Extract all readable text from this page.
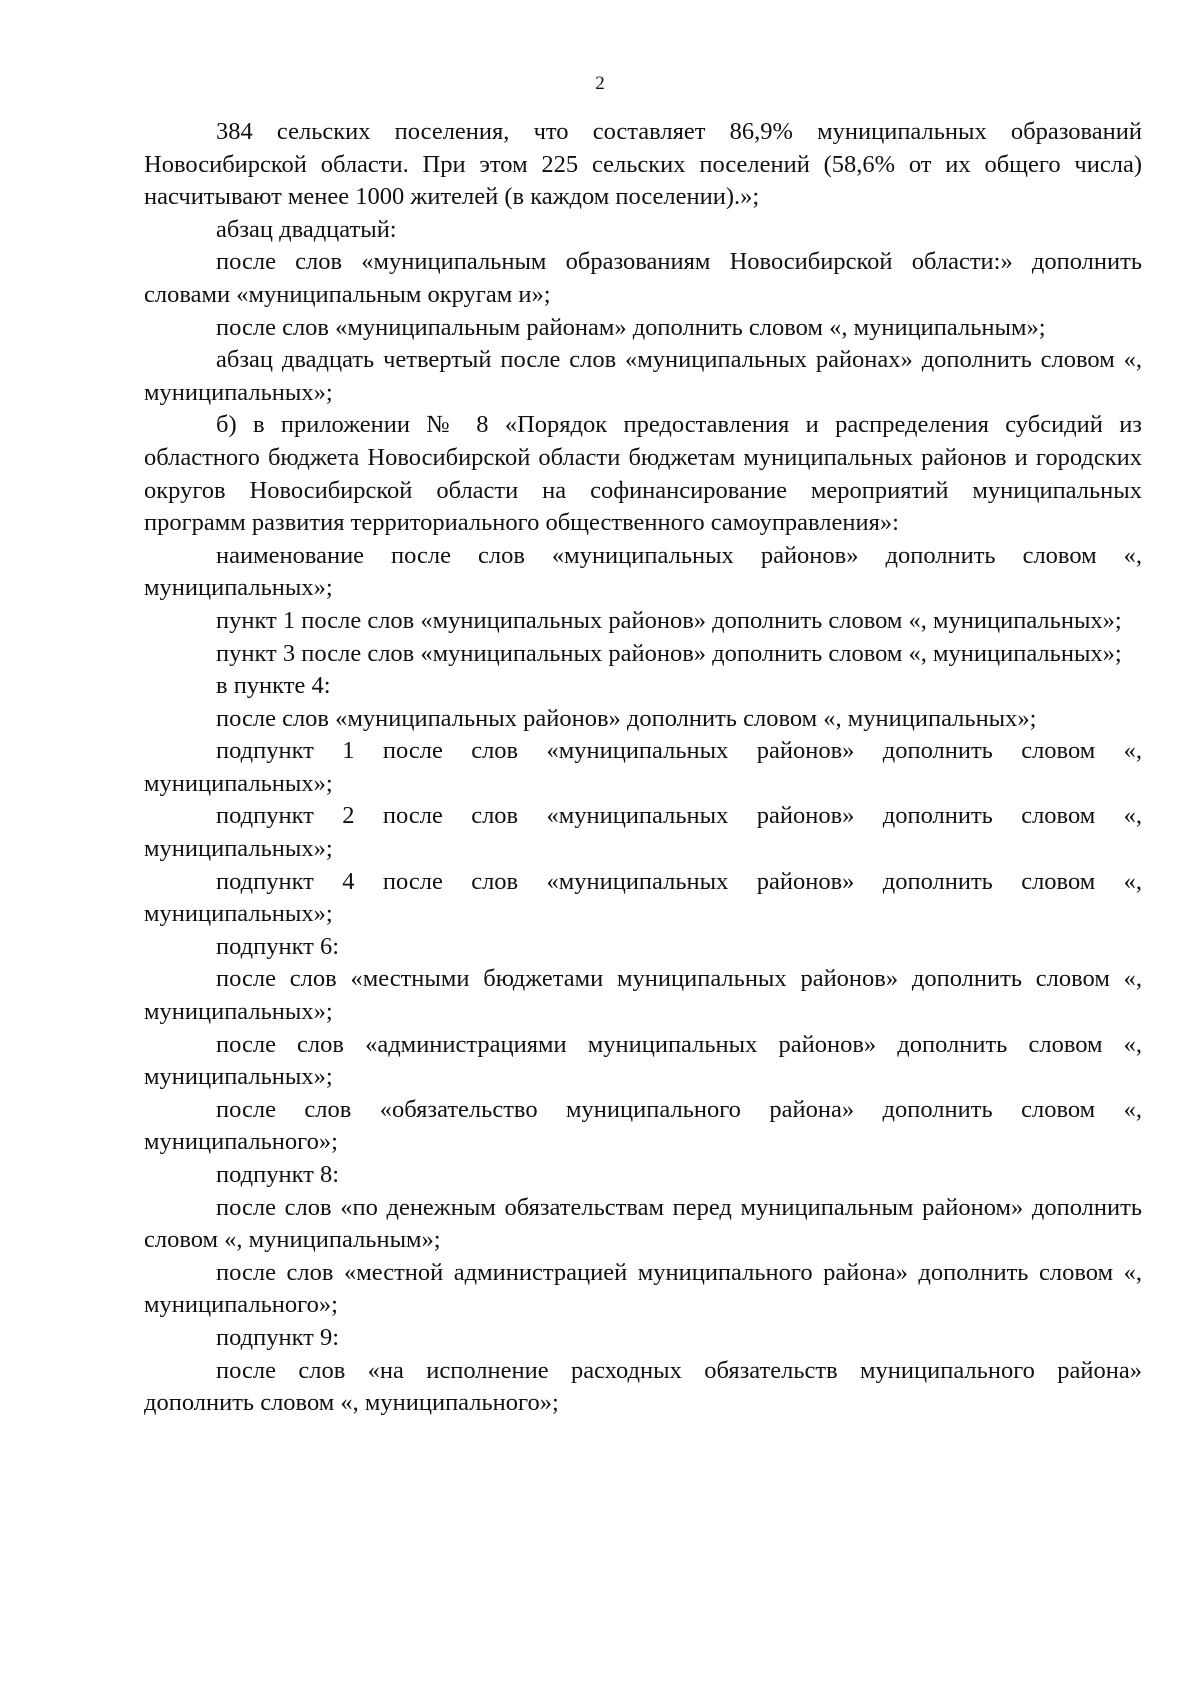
2

384 сельских поселения, что составляет 86,9% муниципальных образований Новосибирской области. При этом 225 сельских поселений (58,6% от их общего числа) насчитывают менее 1000 жителей (в каждом поселении).»;

абзац двадцатый:

после слов «муниципальным образованиям Новосибирской области:» дополнить словами «муниципальным округам и»;

после слов «муниципальным районам» дополнить словом «, муниципальным»;

абзац двадцать четвертый после слов «муниципальных районах» дополнить словом «, муниципальных»;

б) в приложении № 8 «Порядок предоставления и распределения субсидий из областного бюджета Новосибирской области бюджетам муниципальных районов и городских округов Новосибирской области на софинансирование мероприятий муниципальных программ развития территориального общественного самоуправления»:

наименование после слов «муниципальных районов» дополнить словом «, муниципальных»;

пункт 1 после слов «муниципальных районов» дополнить словом «, муниципальных»;

пункт 3 после слов «муниципальных районов» дополнить словом «, муниципальных»;

в пункте 4:

после слов «муниципальных районов» дополнить словом «, муниципальных»;

подпункт 1 после слов «муниципальных районов» дополнить словом «, муниципальных»;

подпункт 2 после слов «муниципальных районов» дополнить словом «, муниципальных»;

подпункт 4 после слов «муниципальных районов» дополнить словом «, муниципальных»;

подпункт 6:

после слов «местными бюджетами муниципальных районов» дополнить словом «, муниципальных»;

после слов «администрациями муниципальных районов» дополнить словом «, муниципальных»;

после слов «обязательство муниципального района» дополнить словом «, муниципального»;

подпункт 8:

после слов «по денежным обязательствам перед муниципальным районом» дополнить словом «, муниципальным»;

после слов «местной администрацией муниципального района» дополнить словом «, муниципального»;

подпункт 9:

после слов «на исполнение расходных обязательств муниципального района» дополнить словом «, муниципального»;
